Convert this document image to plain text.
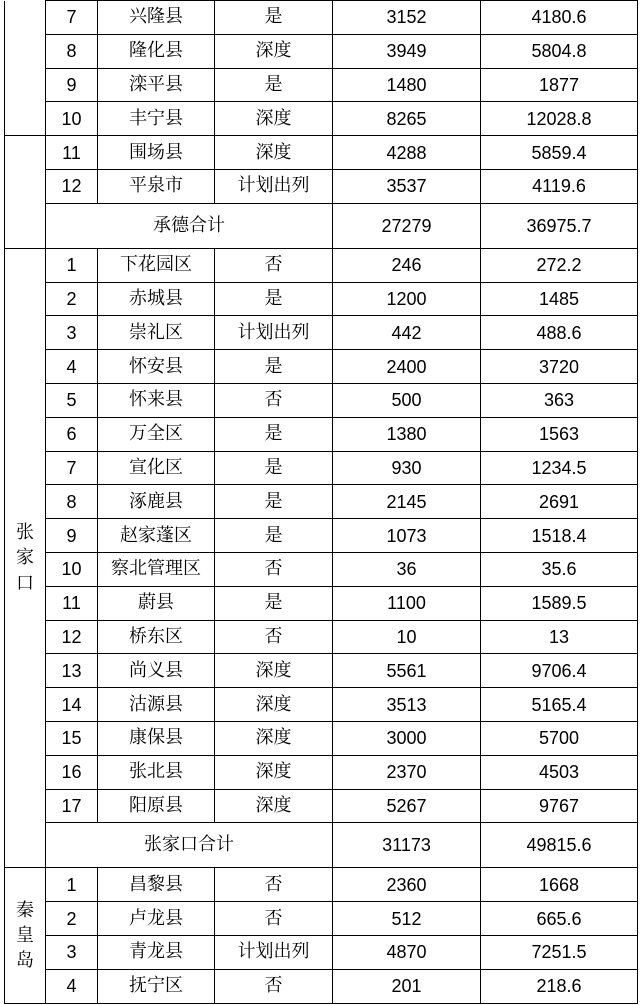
	7	兴隆县	是	3152	4180.6
	8	隆化县	深度	3949	5804.8
	9	滦平县	是	1480	1877
	10	丰宁县	深度	8265	12028.8
	11	围场县	深度	4288	5859.4
	12	平泉市	计划出列	3537	4119.6
	承德合计			27279	36975.7

张
家
口	1	下花园区	否	246	272.2
	2	赤城县	是	1200	1485
	3	崇礼区	计划出列	442	488.6
	4	怀安县	是	2400	3720
	5	怀来县	否	500	363
	6	万全区	是	1380	1563
	7	宣化区	是	930	1234.5
	8	涿鹿县	是	2145	2691
	9	赵家蓬区	是	1073	1518.4
	10	察北管理区	否	36	35.6
	11	蔚县	是	1100	1589.5
	12	桥东区	否	10	13
	13	尚义县	深度	5561	9706.4
	14	沽源县	深度	3513	5165.4
	15	康保县	深度	3000	5700
	16	张北县	深度	2370	4503
	17	阳原县	深度	5267	9767
	张家口合计			31173	49815.6

秦
皇
岛	1	昌黎县	否	2360	1668
	2	卢龙县	否	512	665.6
	3	青龙县	计划出列	4870	7251.5
	4	抚宁区	否	201	218.6
